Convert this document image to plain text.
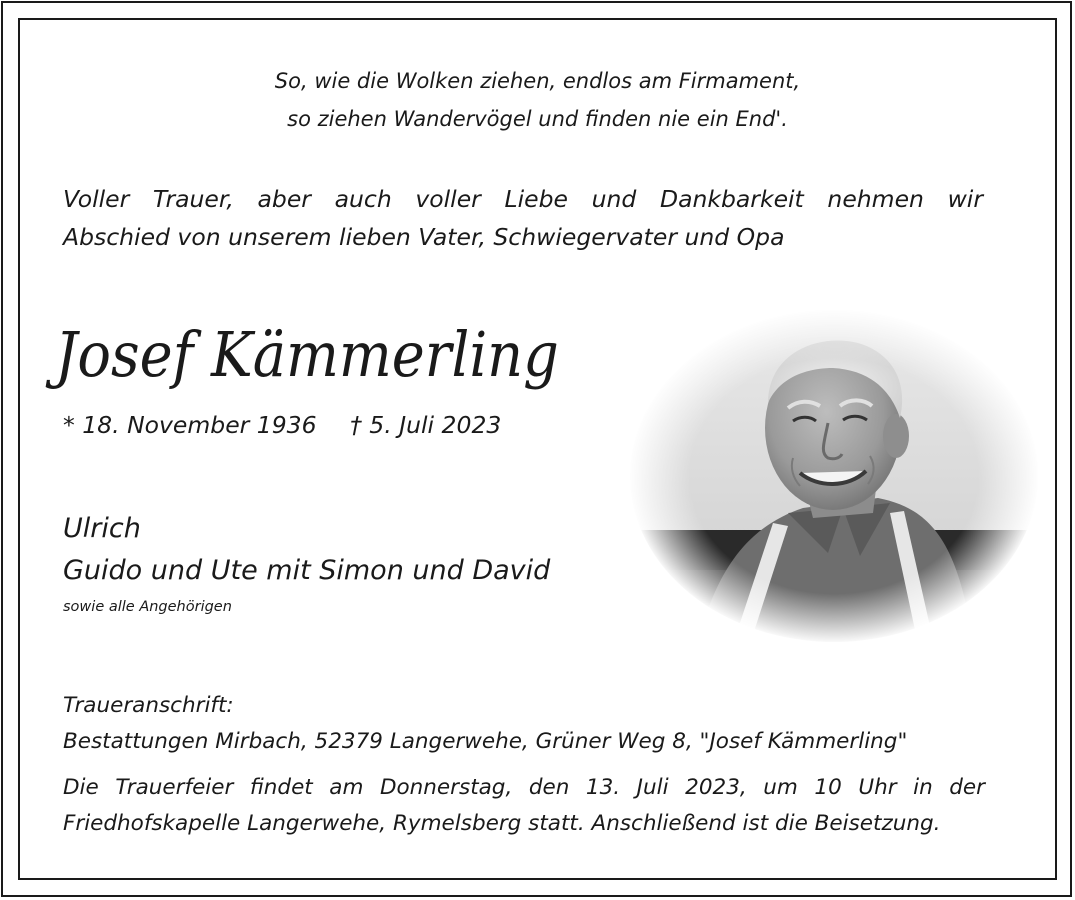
So, wie die Wolken ziehen, endlos am Firmament,
so ziehen Wandervögel und finden nie ein End'.
Voller Trauer, aber auch voller Liebe und Dankbarkeit nehmen wir
Abschied von unserem lieben Vater, Schwiegervater und Opa
Josef Kämmerling
* 18. November 1936 † 5. Juli 2023
Ulrich
Guido und Ute mit Simon und David
sowie alle Angehörigen
Traueranschrift:
Bestattungen Mirbach, 52379 Langerwehe, Grüner Weg 8, "Josef Kämmerling"
Die Trauerfeier findet am Donnerstag, den 13. Juli 2023, um 10 Uhr in der
Friedhofskapelle Langerwehe, Rymelsberg statt. Anschließend ist die Beisetzung.
